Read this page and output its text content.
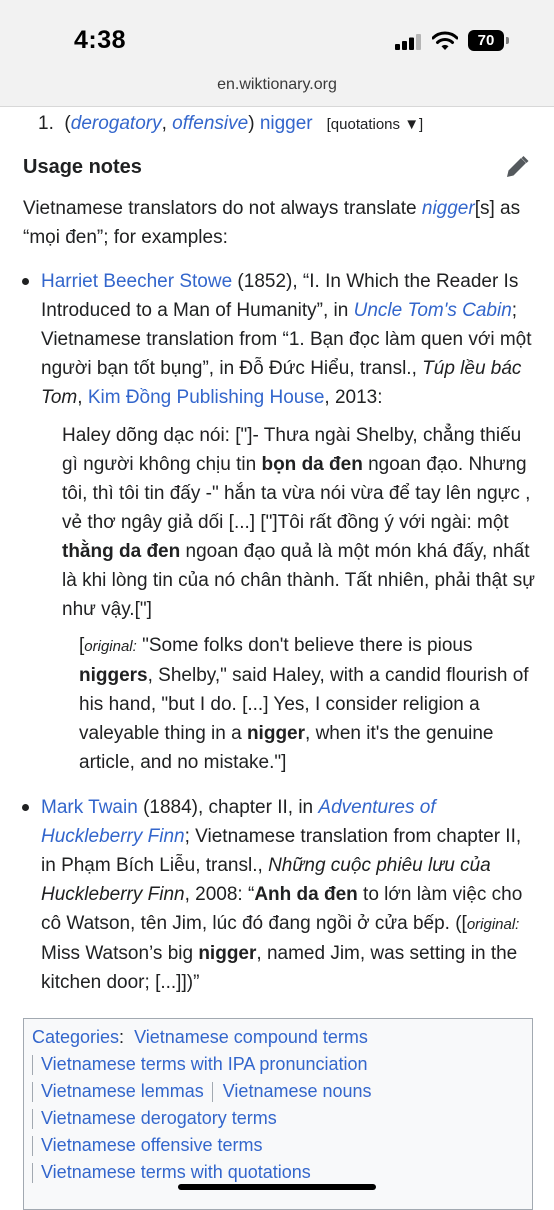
4:38	70
en.wiktionary.org
1. (derogatory, offensive) nigger [quotations ▼]
Usage notes
Vietnamese translators do not always translate nigger[s] as “mọi đen”; for examples:
Harriet Beecher Stowe (1852), “I. In Which the Reader Is Introduced to a Man of Humanity”, in Uncle Tom's Cabin; Vietnamese translation from “1. Bạn đọc làm quen với một người bạn tốt bụng”, in Đỗ Đức Hiểu, transl., Túp lều bác Tom, Kim Đồng Publishing House, 2013:
Haley dõng dạc nói: ["]- Thưa ngài Shelby, chẳng thiếu gì người không chịu tin bọn da đen ngoan đạo. Nhưng tôi, thì tôi tin đấy -" hắn ta vừa nói vừa để tay lên ngực , vẻ thơ ngây giả dối [...] ["]Tôi rất đồng ý với ngài: một thằng da đen ngoan đạo quả là một món khá đấy, nhất là khi lòng tin của nó chân thành. Tất nhiên, phải thật sự như vậy.["]
[original: "Some folks don't believe there is pious niggers, Shelby," said Haley, with a candid flourish of his hand, "but I do. [...] Yes, I consider religion a valeyable thing in a nigger, when it's the genuine article, and no mistake."]
Mark Twain (1884), chapter II, in Adventures of Huckleberry Finn; Vietnamese translation from chapter II, in Phạm Bích Liễu, transl., Những cuộc phiêu lưu của Huckleberry Finn, 2008: “Anh da đen to lớn làm việc cho cô Watson, tên Jim, lúc đó đang ngồi ở cửa bếp. ([original: Miss Watson’s big nigger, named Jim, was setting in the kitchen door; [...]])”
Categories: Vietnamese compound terms
Vietnamese terms with IPA pronunciation
Vietnamese lemmas Vietnamese nouns
Vietnamese derogatory terms
Vietnamese offensive terms
Vietnamese terms with quotations
